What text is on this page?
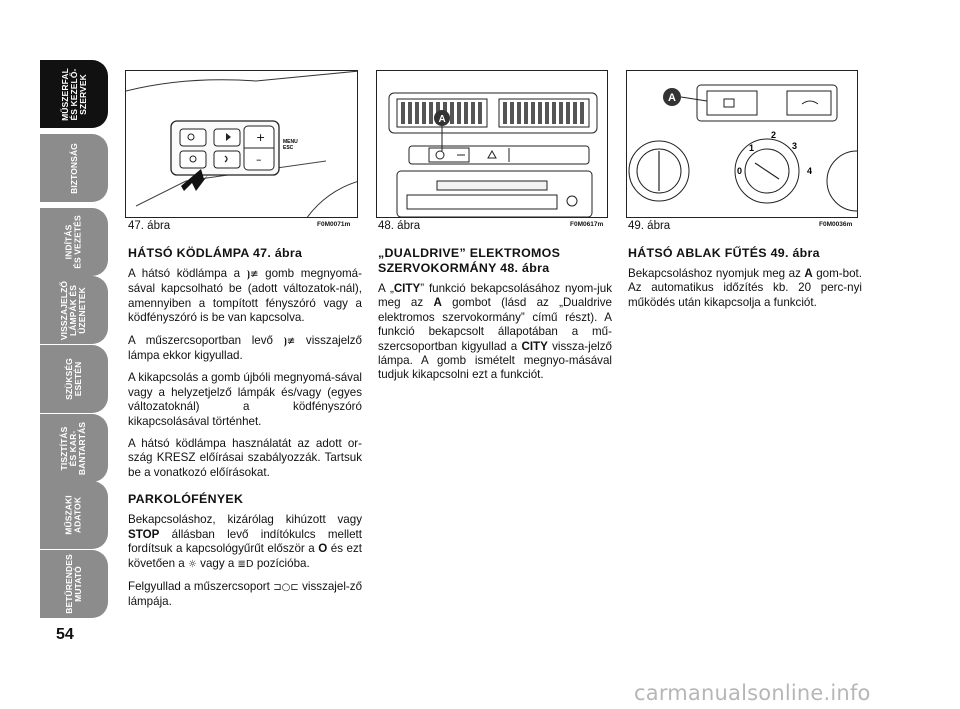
MŰSZERFAL
ÉS KEZELŐ-
SZERVEK
BIZTONSÁG
INDÍTÁS
ÉS VEZETÉS
VISSZAJELZŐ
LÁMPÁK ÉS
ÜZENETEK
SZÜKSÉG
ESETÉN
TISZTÍTÁS
ÉS KAR-
BANTARTÁS
MŰSZAKI
ADATOK
BETŰRENDES
MUTATÓ
54
+
–
MENU
ESC
47. ábra	F0M0071m
A
48. ábra	F0M0617m
A
0
1
2
3
4
49. ábra	F0M0036m
HÁTSÓ KÖDLÁMPA 47. ábra

A hátsó ködlámpa a ⦘≢ gomb megnyomá-sával kapcsolható be (adott változatok-nál), amennyiben a tompított fényszóró vagy a ködfényszóró is be van kapcsolva.

A műszercsoportban levő ⦘≢ visszajelző lámpa ekkor kigyullad.

A kikapcsolás a gomb újbóli megnyomá-sával vagy a helyzetjelző lámpák és/vagy (egyes változatoknál) a ködfényszóró kikapcsolásával történhet.

A hátsó ködlámpa használatát az adott or-szág KRESZ előírásai szabályozzák. Tartsuk be a vonatkozó előírásokat.

PARKOLÓFÉNYEK

Bekapcsoláshoz, kizárólag kihúzott vagy STOP állásban levő indítókulcs mellett fordítsuk a kapcsológyűrűt először a O és ezt követően a ☼ vagy a ≣D pozícióba.

Felgyullad a műszercsoport ⊐○⊏ visszajel-ző lámpája.

„DUALDRIVE” ELEKTROMOS SZERVOKORMÁNY 48. ábra

A „CITY” funkció bekapcsolásához nyom-juk meg az A gombot (lásd az „Dualdrive elektromos szervokormány” című részt). A funkció bekapcsolt állapotában a mű-szercsoportban kigyullad a CITY vissza-jelző lámpa. A gomb ismételt megnyo-másával tudjuk kikapcsolni ezt a funkciót.

HÁTSÓ ABLAK FŰTÉS 49. ábra

Bekapcsoláshoz nyomjuk meg az A gom-bot. Az automatikus időzítés kb. 20 perc-nyi működés után kikapcsolja a funkciót.

carmanualsonline.info
